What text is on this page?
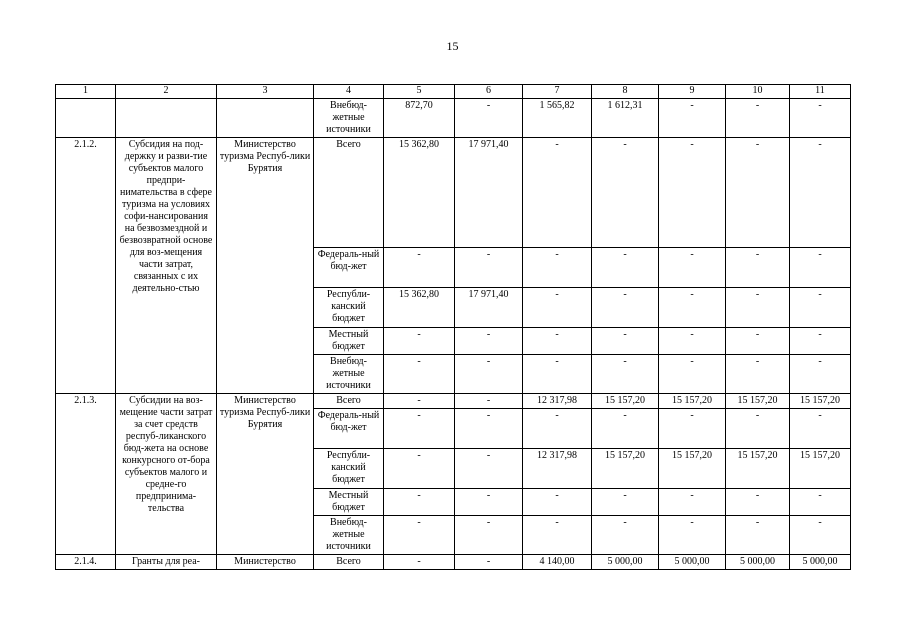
15
1	2	3	4	5	6	7	8	9	10	11
			Внебюд-жетные источники	872,70	-	1 565,82	1 612,31	-	-	-
2.1.2.	Субсидия на под-держку и разви-тие субъектов малого предпри-нимательства в сфере туризма на условиях софи-нансирования на безвозмездной и безвозвратной основе для воз-мещения части затрат, связанных с их деятельно-стью	Министерство туризма Респуб-лики Бурятия	Всего	15 362,80	17 971,40	-	-	-	-	-
			Федераль-ный бюд-жет	-	-	-	-	-	-	-
			Республи-канский бюджет	15 362,80	17 971,40	-	-	-	-	-
			Местный бюджет	-	-	-	-	-	-	-
			Внебюд-жетные источники	-	-	-	-	-	-	-
2.1.3.	Субсидии на воз-мещение части затрат за счет средств респуб-ликанского бюд-жета на основе конкурсного от-бора субъектов малого и средне-го предпринима-тельства	Министерство туризма Респуб-лики Бурятия	Всего	-	-	12 317,98	15 157,20	15 157,20	15 157,20	15 157,20
			Федераль-ный бюд-жет	-	-	-	-	-	-	-
			Республи-канский бюджет	-	-	12 317,98	15 157,20	15 157,20	15 157,20	15 157,20
			Местный бюджет	-	-	-	-	-	-	-
			Внебюд-жетные источники	-	-	-	-	-	-	-
2.1.4.	Гранты для реа-	Министерство	Всего	-	-	4 140,00	5 000,00	5 000,00	5 000,00	5 000,00
